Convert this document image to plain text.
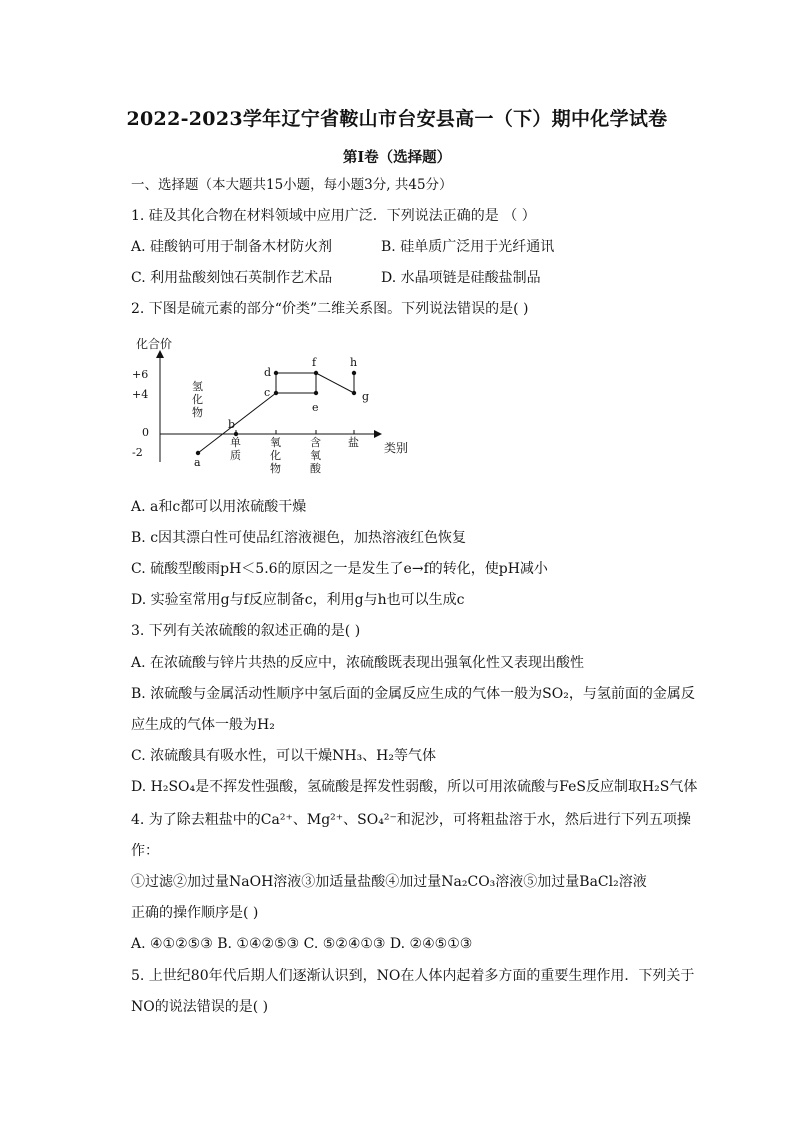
2022-2023学年辽宁省鞍山市台安县高一（下）期中化学试卷
第I卷（选择题）
一、选择题（本大题共15小题，每小题3分, 共45分）
1. 硅及其化合物在材料领域中应用广泛．下列说法正确的是 （ ）
A. 硅酸钠可用于制备木材防火剂	B. 硅单质广泛用于光纤通讯
C. 利用盐酸刻蚀石英制作艺术品	D. 水晶项链是硅酸盐制品
2. 下图是硫元素的部分“价类”二维关系图。下列说法错误的是( )
化合价
类别
+6
+4
0
-2
氢化物
单质
氧化物
含氧酸
盐
a
b
c
d
e
f
g
h
A. a和c都可以用浓硫酸干燥
B. c因其漂白性可使品红溶液褪色，加热溶液红色恢复
C. 硫酸型酸雨pH＜5.6的原因之一是发生了e→f的转化，使pH减小
D. 实验室常用g与f反应制备c，利用g与h也可以生成c
3. 下列有关浓硫酸的叙述正确的是( )
A. 在浓硫酸与锌片共热的反应中，浓硫酸既表现出强氧化性又表现出酸性
B. 浓硫酸与金属活动性顺序中氢后面的金属反应生成的气体一般为SO₂，与氢前面的金属反
应生成的气体一般为H₂
C. 浓硫酸具有吸水性，可以干燥NH₃、H₂等气体
D. H₂SO₄是不挥发性强酸，氢硫酸是挥发性弱酸，所以可用浓硫酸与FeS反应制取H₂S气体
4. 为了除去粗盐中的Ca²⁺、Mg²⁺、SO₄²⁻和泥沙，可将粗盐溶于水，然后进行下列五项操
作：
①过滤②加过量NaOH溶液③加适量盐酸④加过量Na₂CO₃溶液⑤加过量BaCl₂溶液
正确的操作顺序是( )
A. ④①②⑤③ B. ①④②⑤③ C. ⑤②④①③ D. ②④⑤①③
5. 上世纪80年代后期人们逐渐认识到，NO在人体内起着多方面的重要生理作用．下列关于
NO的说法错误的是( )
